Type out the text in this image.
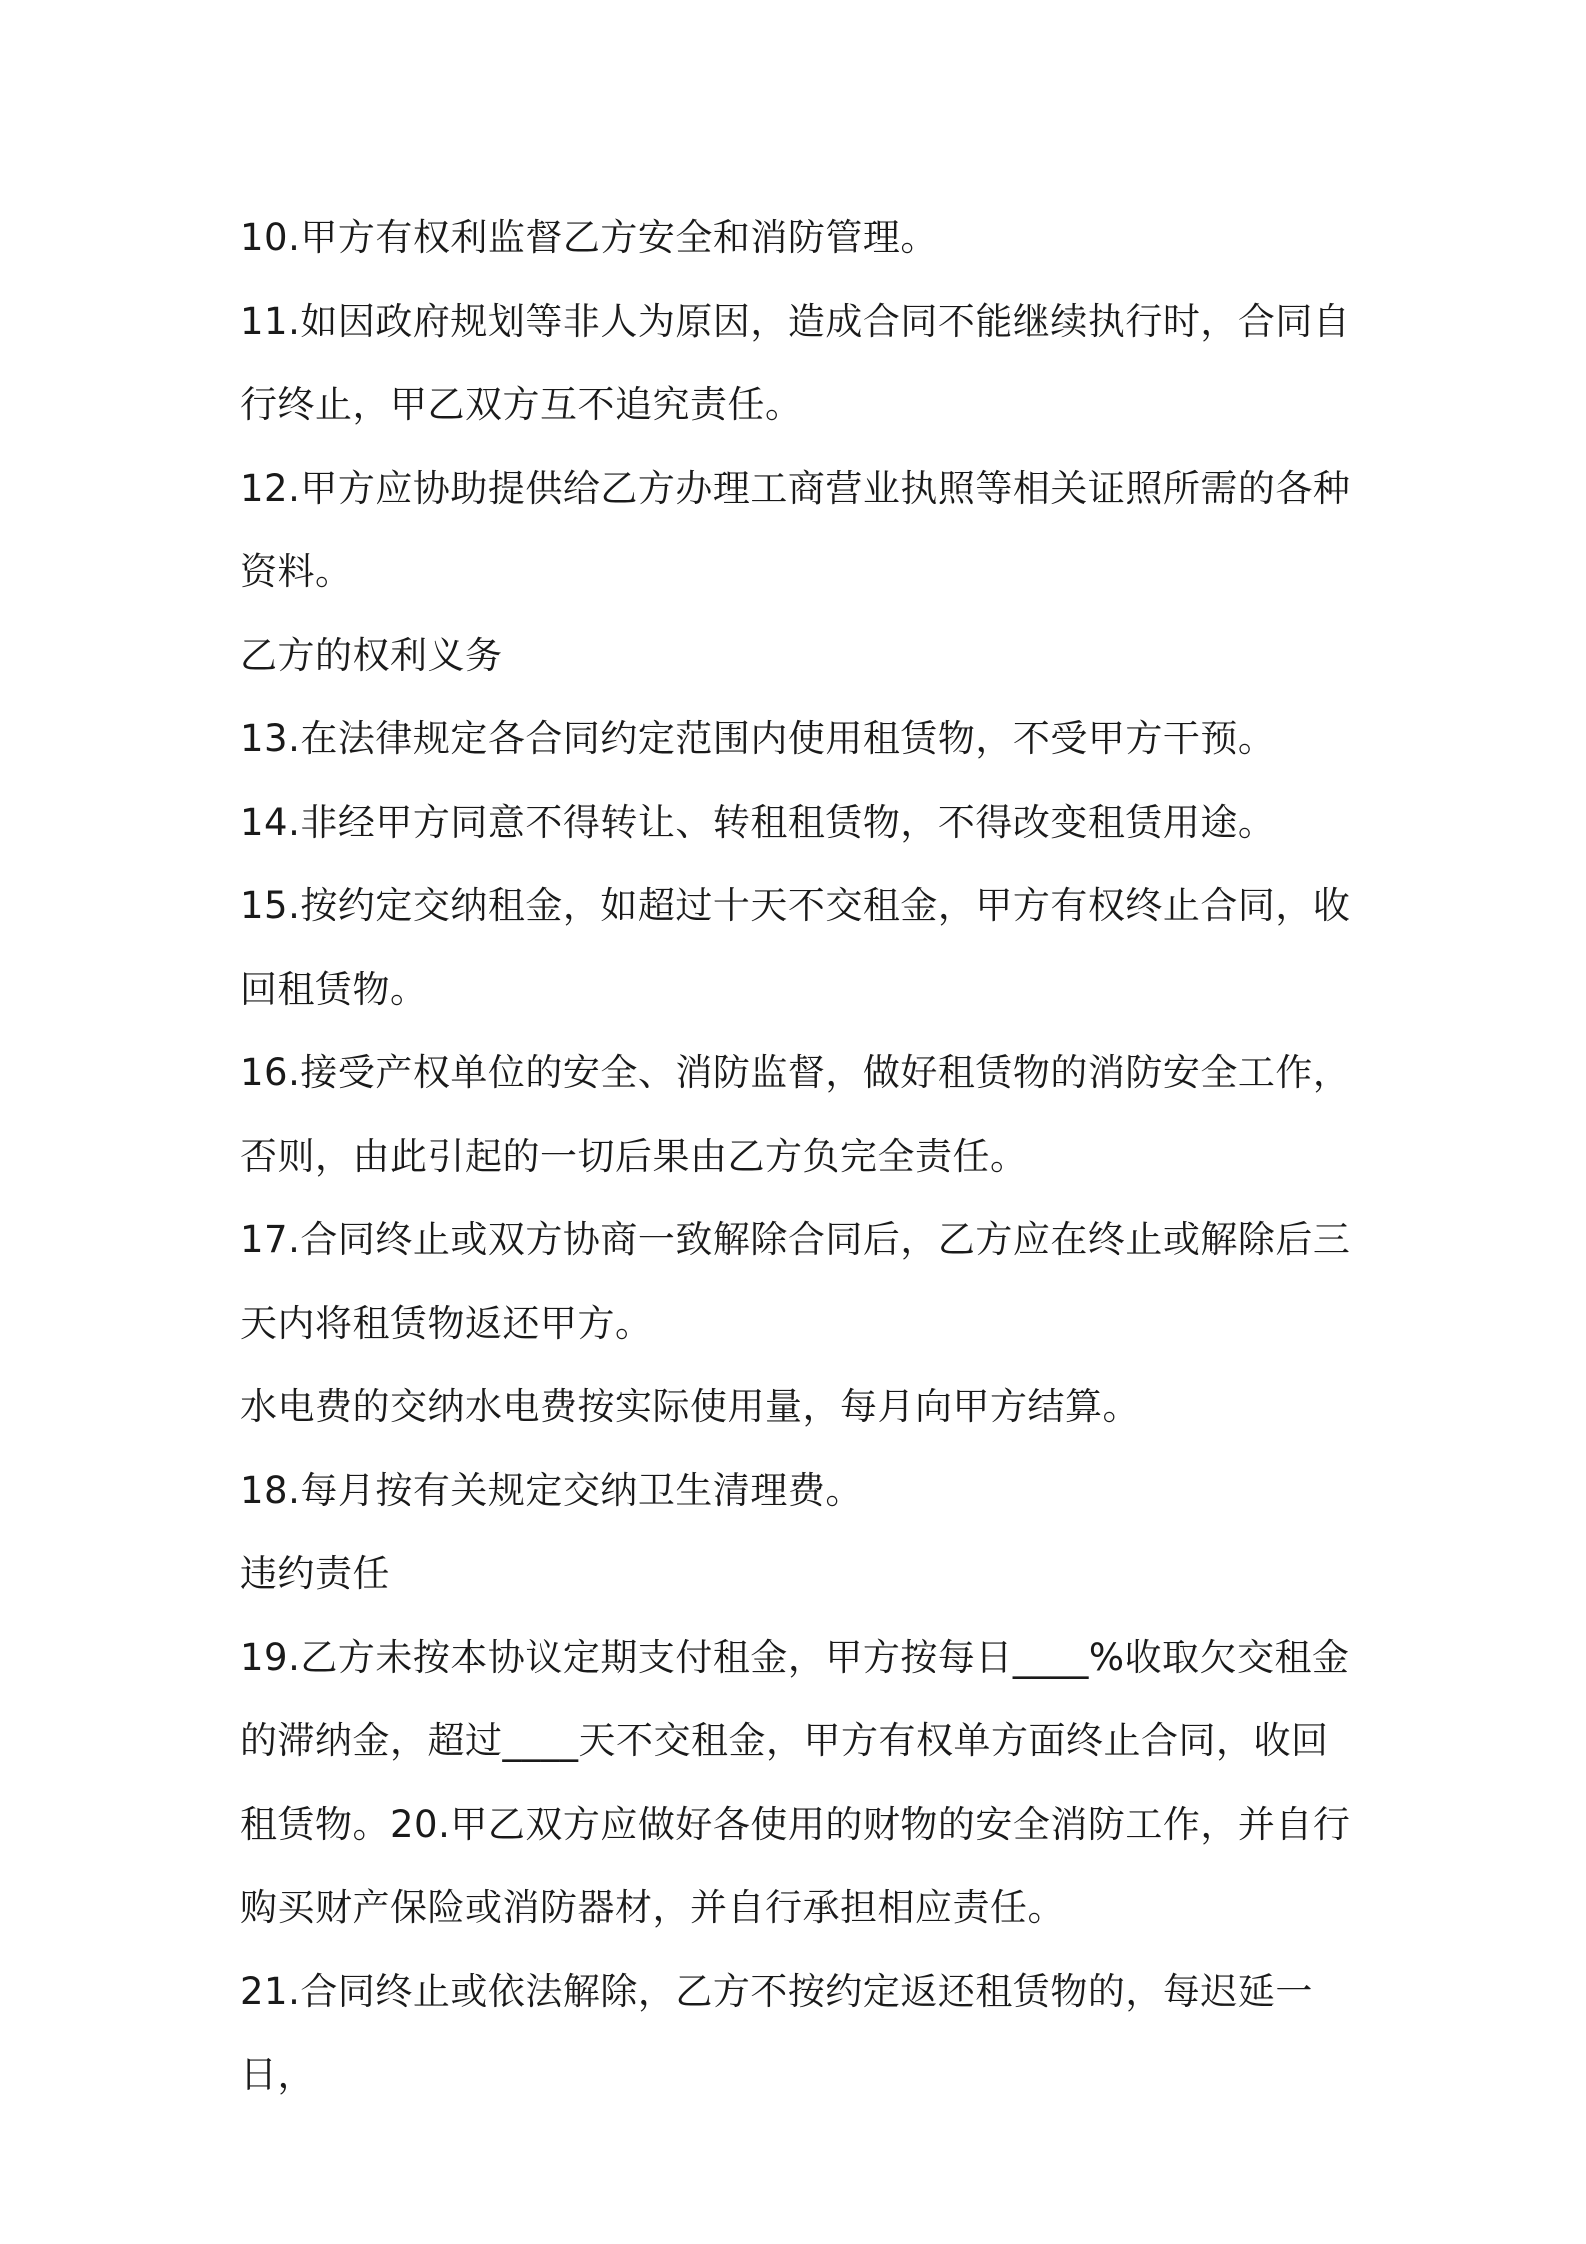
10.甲方有权利监督乙方安全和消防管理。

11.如因政府规划等非人为原因，造成合同不能继续执行时，合同自行终止，甲乙双方互不追究责任。

12.甲方应协助提供给乙方办理工商营业执照等相关证照所需的各种资料。

乙方的权利义务

13.在法律规定各合同约定范围内使用租赁物，不受甲方干预。

14.非经甲方同意不得转让、转租租赁物，不得改变租赁用途。

15.按约定交纳租金，如超过十天不交租金，甲方有权终止合同，收回租赁物。

16.接受产权单位的安全、消防监督，做好租赁物的消防安全工作，否则，由此引起的一切后果由乙方负完全责任。

17.合同终止或双方协商一致解除合同后，乙方应在终止或解除后三天内将租赁物返还甲方。

水电费的交纳水电费按实际使用量，每月向甲方结算。

18.每月按有关规定交纳卫生清理费。

违约责任

19.乙方未按本协议定期支付租金，甲方按每日____%收取欠交租金的滞纳金，超过____天不交租金，甲方有权单方面终止合同，收回租赁物。20.甲乙双方应做好各使用的财物的安全消防工作，并自行购买财产保险或消防器材，并自行承担相应责任。

21.合同终止或依法解除，乙方不按约定返还租赁物的，每迟延一日，
